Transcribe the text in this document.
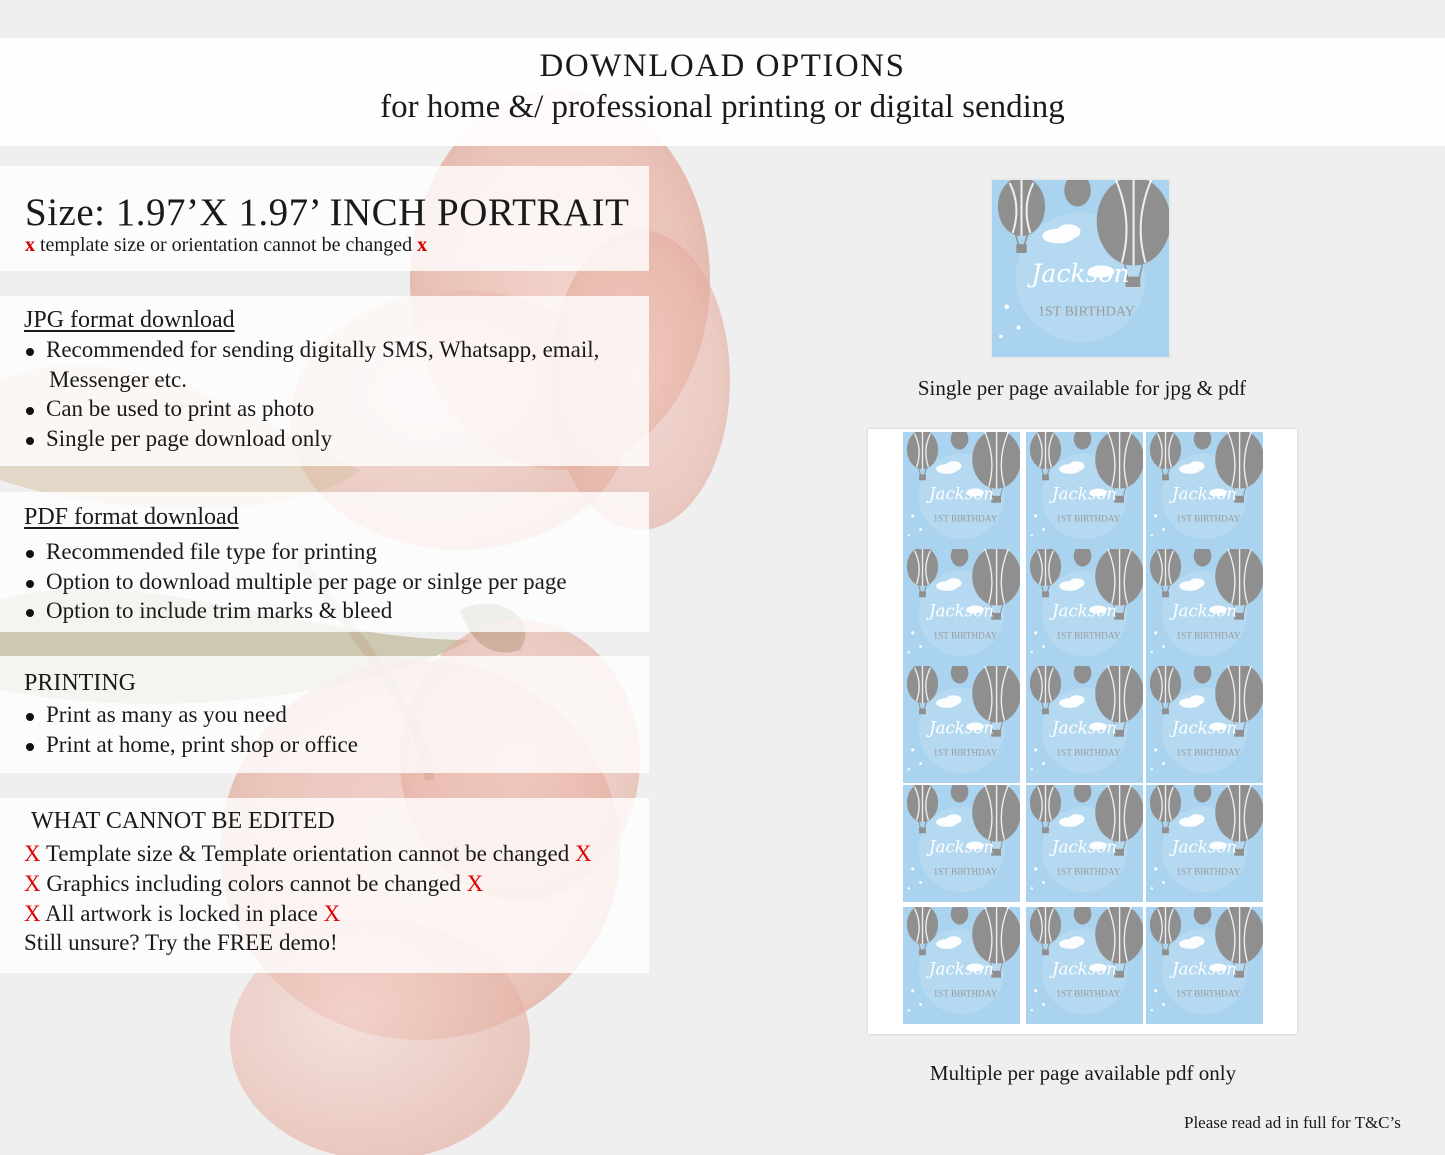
DOWNLOAD OPTIONS
for home &/ professional printing or digital sending
Size: 1.97’X 1.97’ INCH PORTRAIT
x template size or orientation cannot be changed x
JPG format download
Recommended for sending digitally SMS, Whatsapp, email,
Messenger etc.
Can be used to print as photo
Single per page download only
PDF format download
Recommended file type for printing
Option to download multiple per page or sinlge per page
Option to include trim marks & bleed
PRINTING
Print as many as you need
Print at home, print shop or office
WHAT CANNOT BE EDITED
X Template size & Template orientation cannot be changed X
X Graphics including colors cannot be changed X
X All artwork is locked in place X
Still unsure? Try the FREE demo!
Jackson
1ST BIRTHDAY
Single per page available for jpg & pdf
Jackson
1ST BIRTHDAY
Jackson
1ST BIRTHDAY
Jackson
1ST BIRTHDAY
Jackson
1ST BIRTHDAY
Jackson
1ST BIRTHDAY
Jackson
1ST BIRTHDAY
Jackson
1ST BIRTHDAY
Jackson
1ST BIRTHDAY
Jackson
1ST BIRTHDAY
Jackson
1ST BIRTHDAY
Jackson
1ST BIRTHDAY
Jackson
1ST BIRTHDAY
Jackson
1ST BIRTHDAY
Jackson
1ST BIRTHDAY
Jackson
1ST BIRTHDAY
Multiple per page available pdf only
Please read ad in full for T&C’s
